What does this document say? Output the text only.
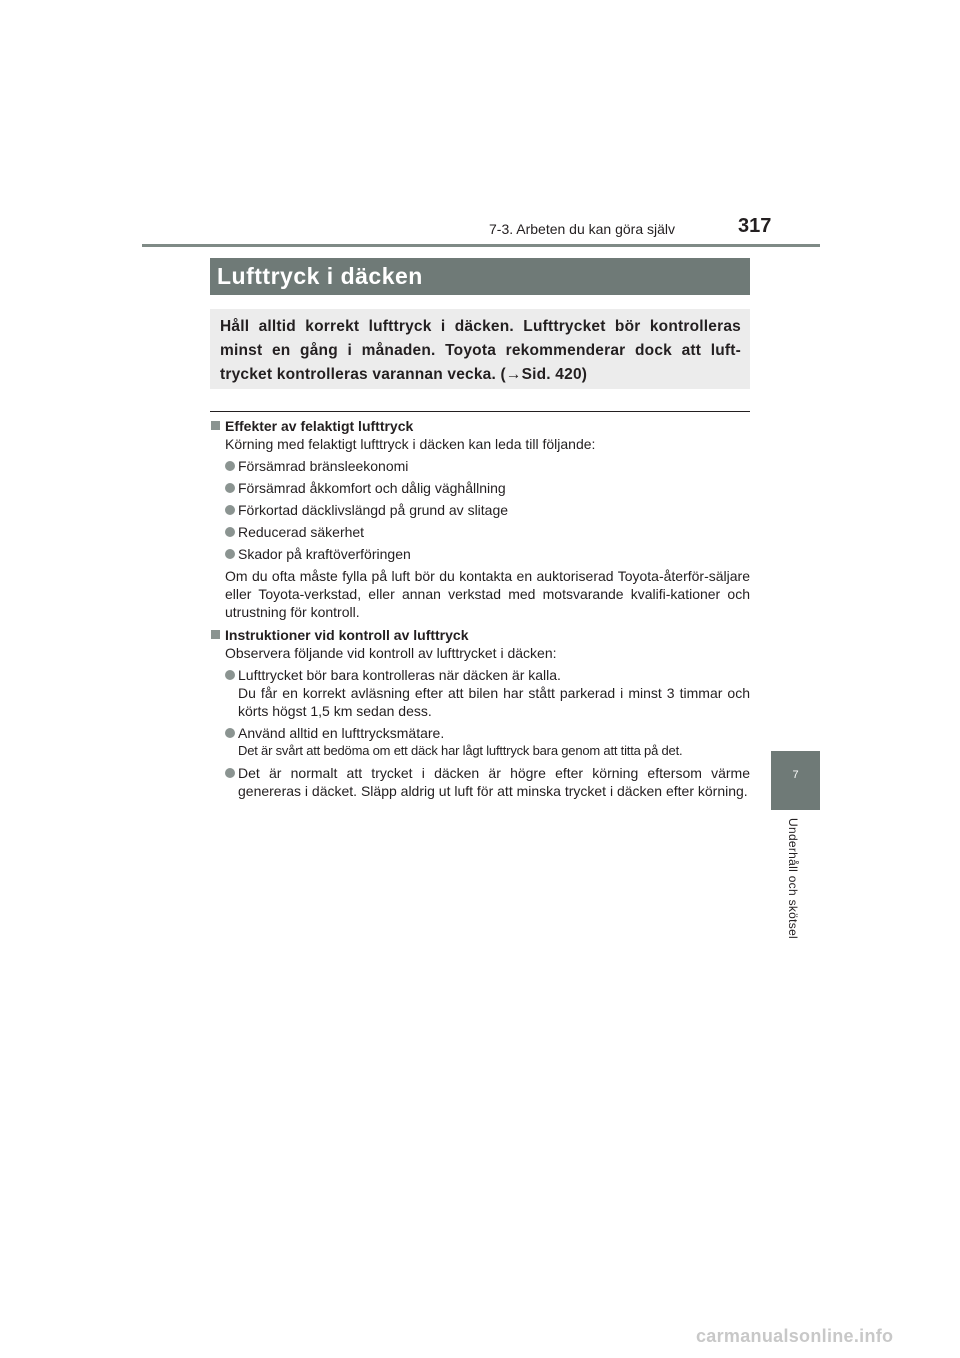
7-3. Arbeten du kan göra själv	317
Lufttryck i däcken
Håll alltid korrekt lufttryck i däcken. Lufttrycket bör kontrolleras minst en gång i månaden. Toyota rekommenderar dock att luft-trycket kontrolleras varannan vecka. (→Sid. 420)
Effekter av felaktigt lufttryck
Körning med felaktigt lufttryck i däcken kan leda till följande:
Försämrad bränsleekonomi
Försämrad åkkomfort och dålig väghållning
Förkortad däcklivslängd på grund av slitage
Reducerad säkerhet
Skador på kraftöverföringen
Om du ofta måste fylla på luft bör du kontakta en auktoriserad Toyota-återför-säljare eller Toyota-verkstad, eller annan verkstad med motsvarande kvalifi-kationer och utrustning för kontroll.
Instruktioner vid kontroll av lufttryck
Observera följande vid kontroll av lufttrycket i däcken:
Lufttrycket bör bara kontrolleras när däcken är kalla.
Du får en korrekt avläsning efter att bilen har stått parkerad i minst 3 timmar och körts högst 1,5 km sedan dess.
Använd alltid en lufttrycksmätare.
Det är svårt att bedöma om ett däck har lågt lufttryck bara genom att titta på det.
Det är normalt att trycket i däcken är högre efter körning eftersom värme genereras i däcket. Släpp aldrig ut luft för att minska trycket i däcken efter körning.
7
Underhåll och skötsel
carmanualsonline.info
